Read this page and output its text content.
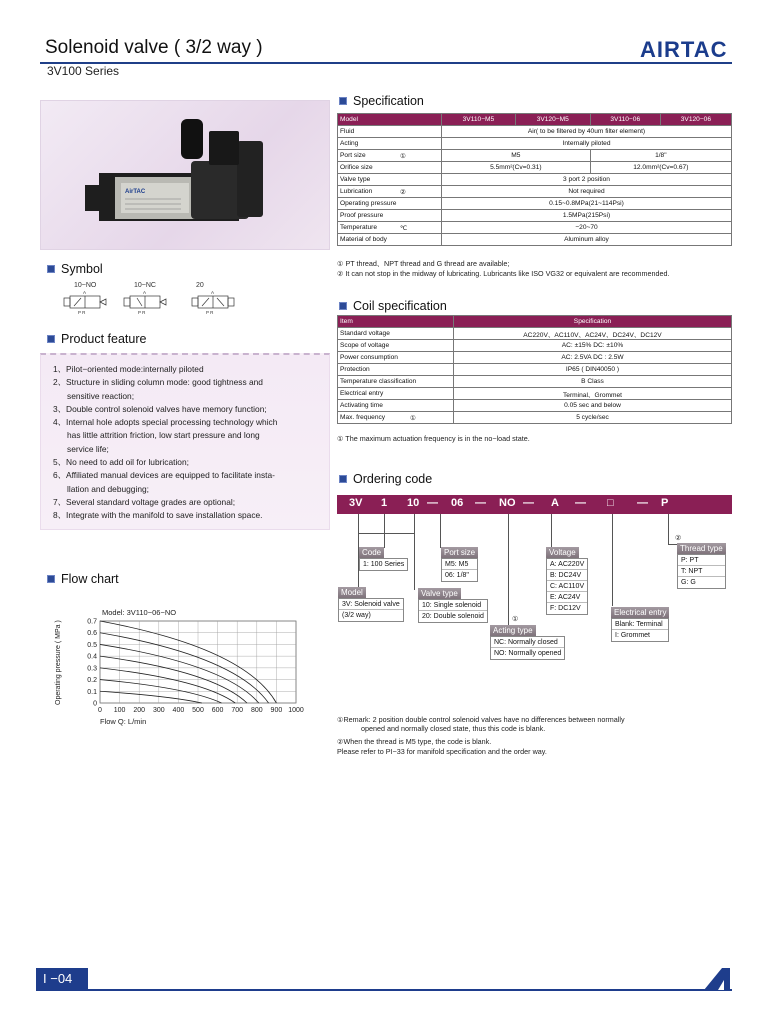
Solenoid valve ( 3/2 way )
3V100 Series
AIRTAC
AirTAC
Symbol
10~NO	10~NC	20
A
P R
A
P R
A
P R
Product feature
1、Pilot−oriented mode:internally piloted
2、Structure in sliding column mode: good tightness and
sensitive reaction;
3、Double control solenoid valves have memory function;
4、Internal hole adopts special processing technology which
has little attrition friction, low start pressure and long
service life;
5、No need to add oil for lubrication;
6、Affiliated manual devices are equipped to facilitate insta-
llation and debugging;
7、Several standard voltage grades are optional;
8、Integrate with the manifold to save installation space.
Flow chart
0 100 200 300 400 500 600 700 800 900 1000
0
0.1
0.2
0.3
0.4
0.5
0.6
0.7
Model: 3V110−06−NO
Flow Q: L/min
Operating pressure ( MPa )
Specification
Model	3V110−M5	3V120−M5	3V110−06	3V120−06
Fluid	Air( to be filtered by 40um filter element)			
Acting	Internally piloted			
Port size ①	M5		1/8"	
Orifice size	5.5mm²(Cv=0.31)		12.0mm²(Cv=0.67)	
Valve type	3 port 2 position			
Lubrication ②	Not required			
Operating pressure	0.15~0.8MPa(21~114Psi)			
Proof pressure	1.5MPa(215Psi)			
Temperature ℃	−20~70			
Material of body	Aluminum alloy			
① PT thread、NPT thread and G thread are available;
② It can not stop in the midway of lubricating. Lubricants like ISO VG32 or equivalent are recommended.
Coil specification
Item	Specification
Standard voltage	AC220V、AC110V、AC24V、DC24V、DC12V
Scope of voltage	AC: ±15% DC: ±10%
Power consumption	AC: 2.5VA DC : 2.5W
Protection	IP65 ( DIN40050 )
Temperature classification	B Class
Electrical entry	Terminal、Grommet
Activating time	0.05 sec and below
Max. frequency ①	5 cycle/sec
① The maximum actuation frequency is in the no−load state.
Ordering code
3V 1 10 — 06 — NO — A — □ — P
Code
1: 100 Series
Model
3V: Solenoid valve
(3/2 way)
Valve type
10: Single solenoid
20: Double solenoid
Port size
M5: M5
06: 1/8"
①
Acting type
NC: Normally closed
NO: Normally opened
Voltage
A: AC220V
B: DC24V
C: AC110V
E: AC24V
F: DC12V	Electrical entry
Blank: Terminal
I: Grommet
②
Thread type
P: PT
T: NPT
G: G
①Remark: 2 position double control solenoid valves have no differences between normally
opened and normally closed state, thus this code is blank.
②When the thread is M5 type, the code is blank.
Please refer to PI−33 for manifold specification and the order way.
I −04
